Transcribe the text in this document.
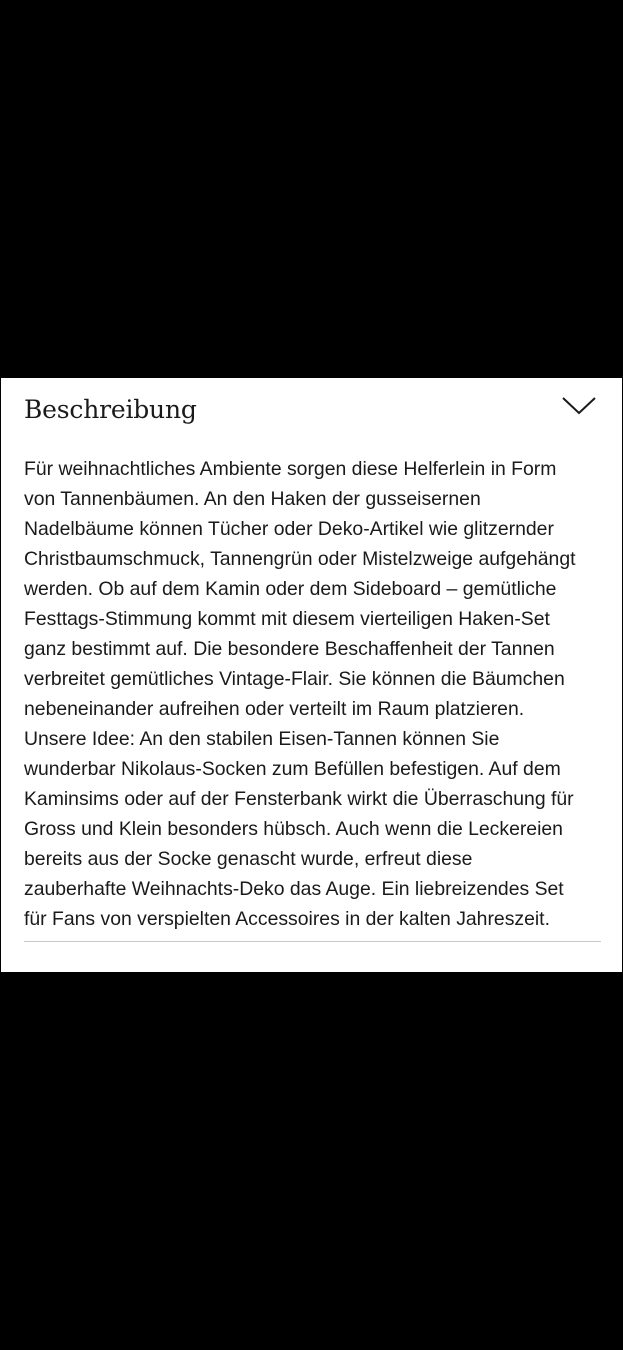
Beschreibung

Für weihnachtliches Ambiente sorgen diese Helferlein in Form
von Tannenbäumen. An den Haken der gusseisernen
Nadelbäume können Tücher oder Deko-Artikel wie glitzernder
Christbaumschmuck, Tannengrün oder Mistelzweige aufgehängt
werden. Ob auf dem Kamin oder dem Sideboard – gemütliche
Festtags-Stimmung kommt mit diesem vierteiligen Haken-Set
ganz bestimmt auf. Die besondere Beschaffenheit der Tannen
verbreitet gemütliches Vintage-Flair. Sie können die Bäumchen
nebeneinander aufreihen oder verteilt im Raum platzieren.
Unsere Idee: An den stabilen Eisen-Tannen können Sie
wunderbar Nikolaus-Socken zum Befüllen befestigen. Auf dem
Kaminsims oder auf der Fensterbank wirkt die Überraschung für
Gross und Klein besonders hübsch. Auch wenn die Leckereien
bereits aus der Socke genascht wurde, erfreut diese
zauberhafte Weihnachts-Deko das Auge. Ein liebreizendes Set
für Fans von verspielten Accessoires in der kalten Jahreszeit.
